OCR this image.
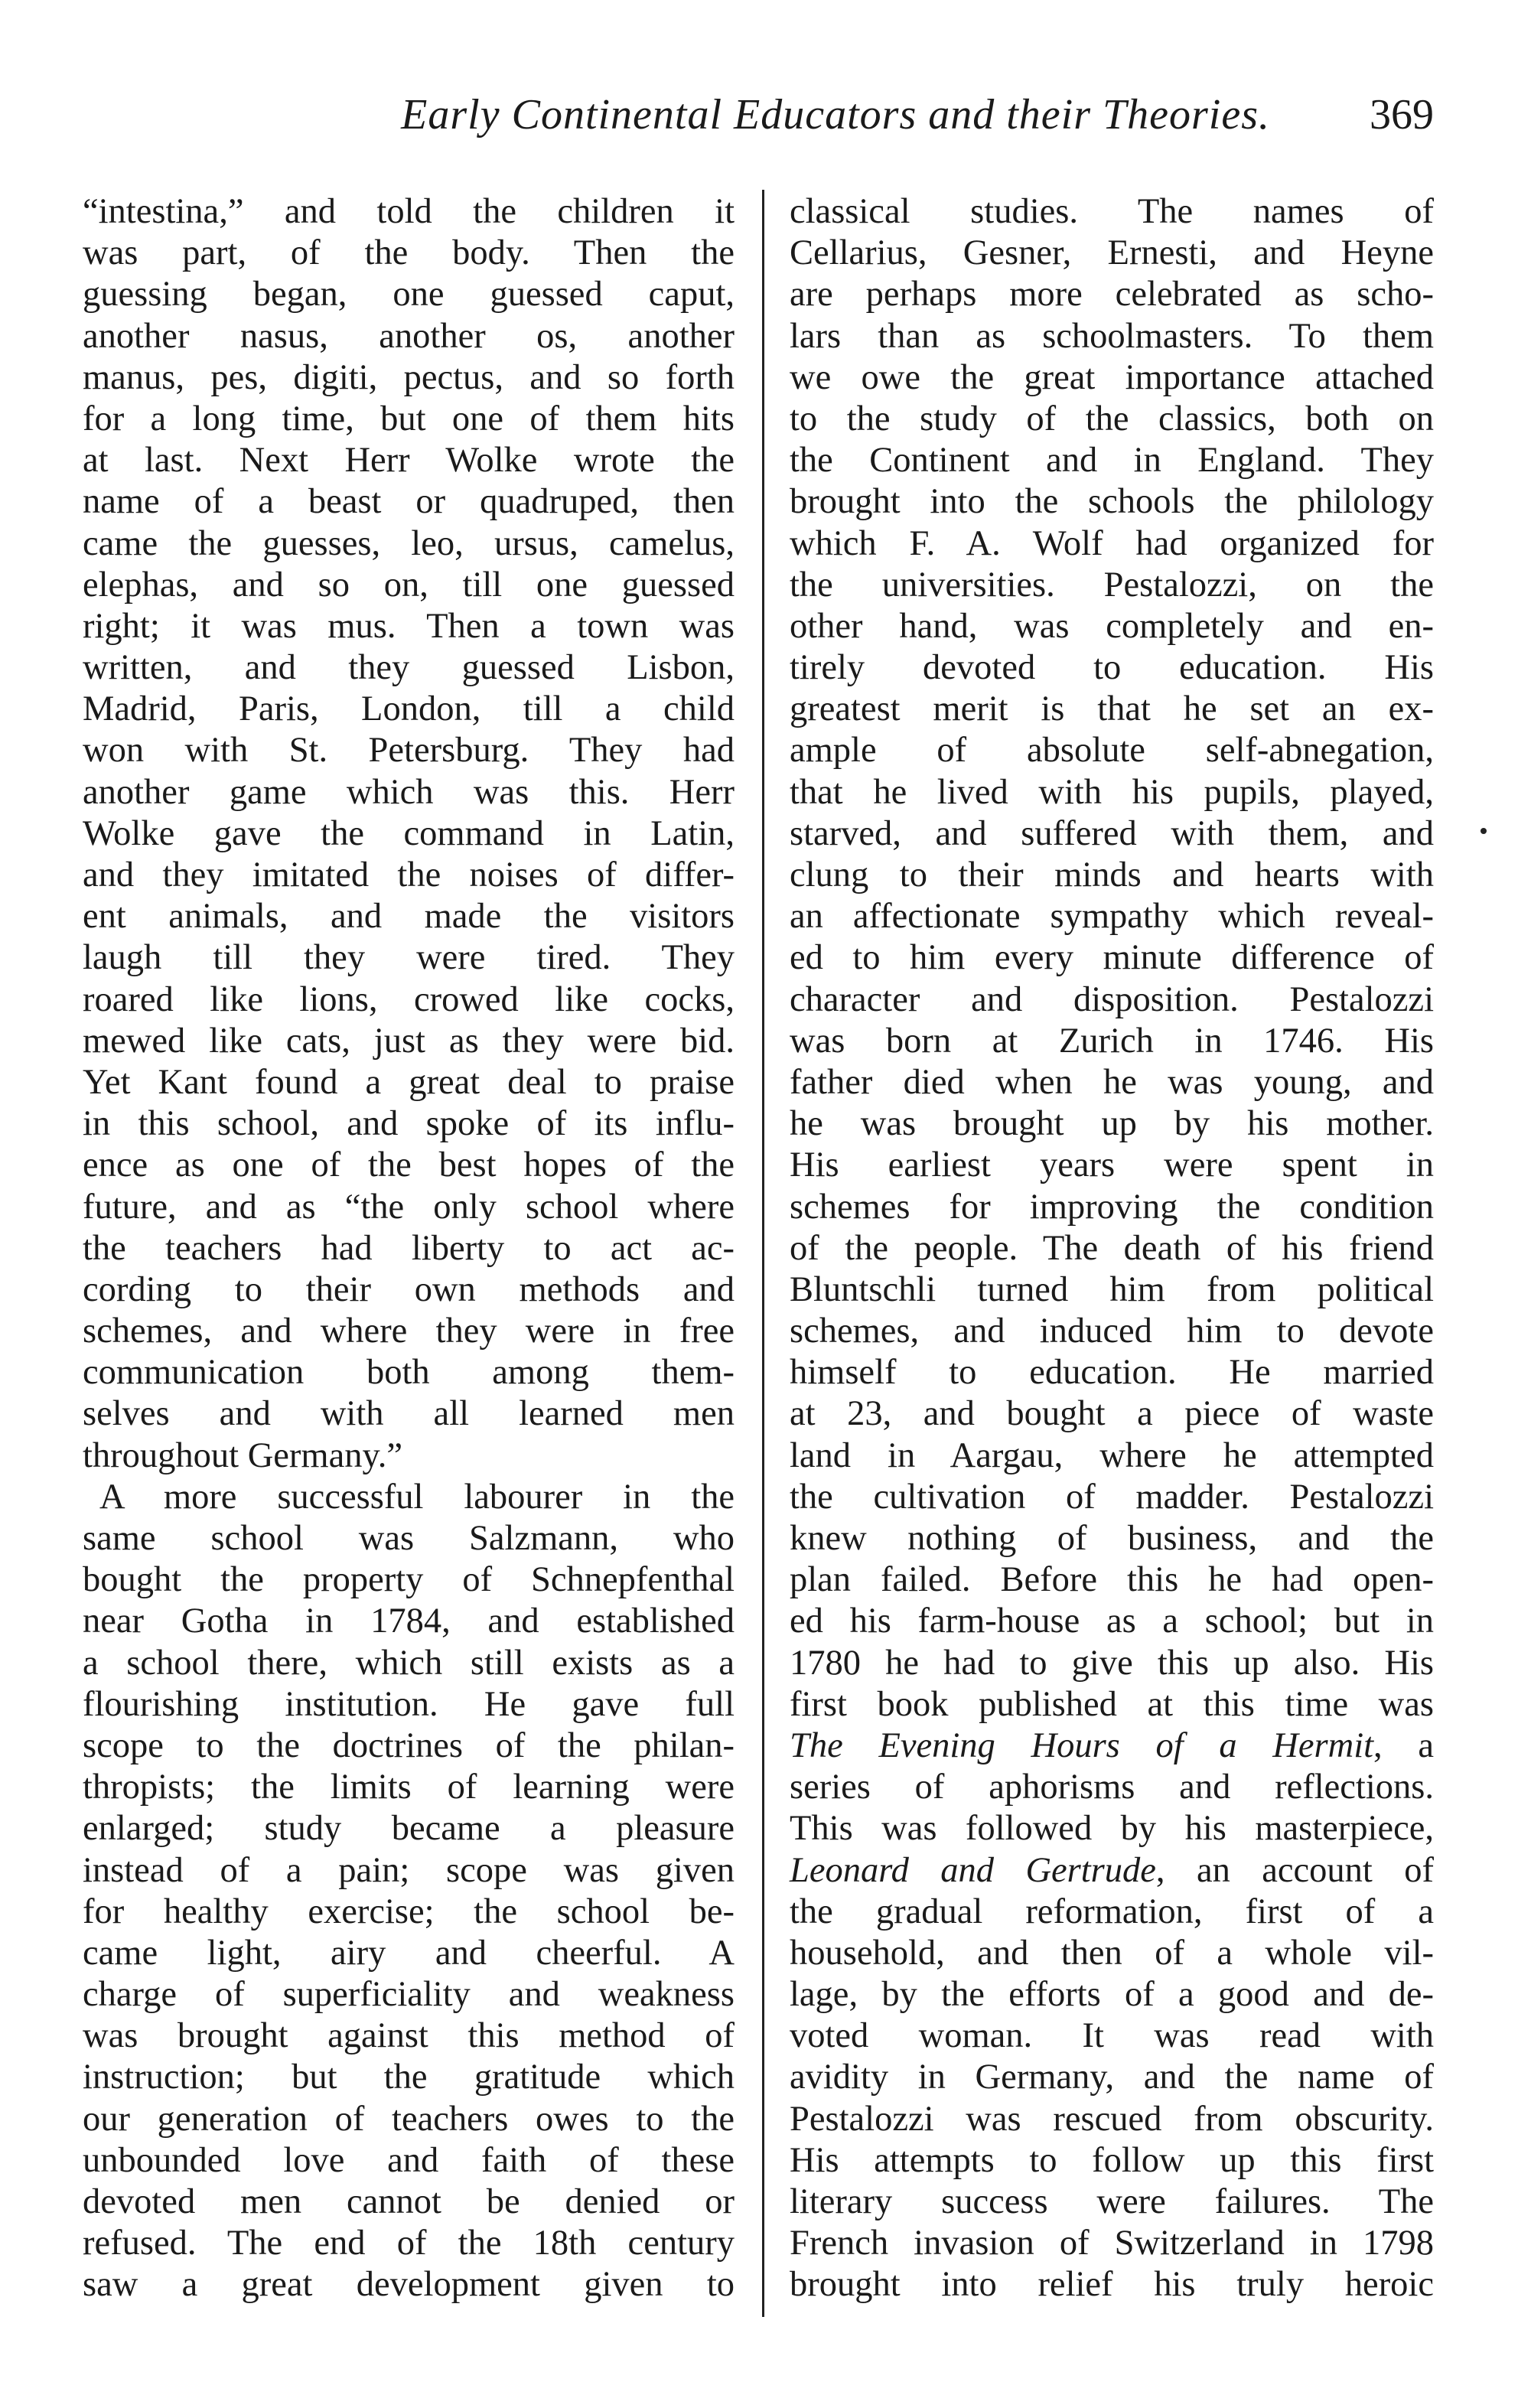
Early Continental Educators and their Theories. 369
“intestina,” and told the children it
was part, of the body. Then the
guessing began, one guessed caput,
another nasus, another os, another
manus, pes, digiti, pectus, and so forth
for a long time, but one of them hits
at last. Next Herr Wolke wrote the
name of a beast or quadruped, then
came the guesses, leo, ursus, camelus,
elephas, and so on, till one guessed
right; it was mus. Then a town was
written, and they guessed Lisbon,
Madrid, Paris, London, till a child
won with St. Petersburg. They had
another game which was this. Herr
Wolke gave the command in Latin,
and they imitated the noises of differ-
ent animals, and made the visitors
laugh till they were tired. They
roared like lions, crowed like cocks,
mewed like cats, just as they were bid.
Yet Kant found a great deal to praise
in this school, and spoke of its influ-
ence as one of the best hopes of the
future, and as “the only school where
the teachers had liberty to act ac-
cording to their own methods and
schemes, and where they were in free
communication both among them-
selves and with all learned men
throughout Germany.”
A more successful labourer in the
same school was Salzmann, who
bought the property of Schnepfenthal
near Gotha in 1784, and established
a school there, which still exists as a
flourishing institution. He gave full
scope to the doctrines of the philan-
thropists; the limits of learning were
enlarged; study became a pleasure
instead of a pain; scope was given
for healthy exercise; the school be-
came light, airy and cheerful. A
charge of superficiality and weakness
was brought against this method of
instruction; but the gratitude which
our generation of teachers owes to the
unbounded love and faith of these
devoted men cannot be denied or
refused. The end of the 18th century
saw a great development given to
classical studies. The names of
Cellarius, Gesner, Ernesti, and Heyne
are perhaps more celebrated as scho-
lars than as schoolmasters. To them
we owe the great importance attached
to the study of the classics, both on
the Continent and in England. They
brought into the schools the philology
which F. A. Wolf had organized for
the universities. Pestalozzi, on the
other hand, was completely and en-
tirely devoted to education. His
greatest merit is that he set an ex-
ample of absolute self-abnegation,
that he lived with his pupils, played,
starved, and suffered with them, and
clung to their minds and hearts with
an affectionate sympathy which reveal-
ed to him every minute difference of
character and disposition. Pestalozzi
was born at Zurich in 1746. His
father died when he was young, and
he was brought up by his mother.
His earliest years were spent in
schemes for improving the condition
of the people. The death of his friend
Bluntschli turned him from political
schemes, and induced him to devote
himself to education. He married
at 23, and bought a piece of waste
land in Aargau, where he attempted
the cultivation of madder. Pestalozzi
knew nothing of business, and the
plan failed. Before this he had open-
ed his farm-house as a school; but in
1780 he had to give this up also. His
first book published at this time was
The Evening Hours of a Hermit, a
series of aphorisms and reflections.
This was followed by his masterpiece,
Leonard and Gertrude, an account of
the gradual reformation, first of a
household, and then of a whole vil-
lage, by the efforts of a good and de-
voted woman. It was read with
avidity in Germany, and the name of
Pestalozzi was rescued from obscurity.
His attempts to follow up this first
literary success were failures. The
French invasion of Switzerland in 1798
brought into relief his truly heroic
